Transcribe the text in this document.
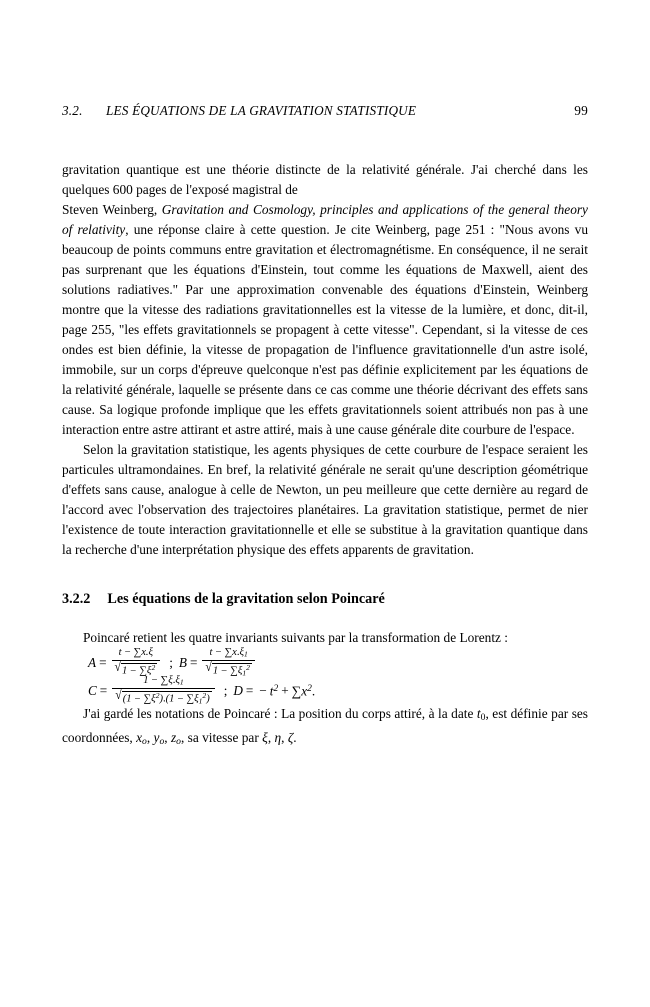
3.2.	LES ÉQUATIONS DE LA GRAVITATION STATISTIQUE	99

gravitation quantique est une théorie distincte de la relativité générale. J'ai cherché dans les quelques 600 pages de l'exposé magistral de
Steven Weinberg, Gravitation and Cosmology, principles and applications of the general theory of relativity, une réponse claire à cette question. Je cite Weinberg, page 251 : "Nous avons vu beaucoup de points communs entre gravitation et électromagnétisme. En conséquence, il ne serait pas surprenant que les équations d'Einstein, tout comme les équations de Maxwell, aient des solutions radiatives." Par une approximation convenable des équations d'Einstein, Weinberg montre que la vitesse des radiations gravitationnelles est la vitesse de la lumière, et donc, dit-il, page 255, "les effets gravitationnels se propagent à cette vitesse". Cependant, si la vitesse de ces ondes est bien définie, la vitesse de propagation de l'influence gravitationnelle d'un astre isolé, immobile, sur un corps d'épreuve quelconque n'est pas définie explicitement par les équations de la relativité générale, laquelle se présente dans ce cas comme une théorie décrivant des effets sans cause. Sa logique profonde implique que les effets gravitationnels soient attribués non pas à une interaction entre astre attirant et astre attiré, mais à une cause générale dite courbure de l'espace.

Selon la gravitation statistique, les agents physiques de cette courbure de l'espace seraient les particules ultramondaines. En bref, la relativité générale ne serait qu'une description géométrique d'effets sans cause, analogue à celle de Newton, un peu meilleure que cette dernière au regard de l'accord avec l'observation des trajectoires planétaires. La gravitation statistique, permet de nier l'existence de toute interaction gravitationnelle et elle se substitue à la gravitation quantique dans la recherche d'une interprétation physique des effets apparents de gravitation.

3.2.2 Les équations de la gravitation selon Poincaré

Poincaré retient les quatre invariants suivants par la transformation de Lorentz :

$A = \frac{t - \sum x.\xi}{√ 1 - \sum\xi^2}$ ; $B = \frac{t - \sum x.\xi_1}{√ 1 - \sum\xi_1^2}$
$C = \frac{1 - \sum\xi.\xi_1}{√ (1 - \sum\xi^2).(1 - \sum\xi_1^2)}$ ; D = − $t^2 + \sum x^2$.

J'ai gardé les notations de Poincaré : La position du corps attiré, à la date $t_0$, est définie par ses coordonnées, $x_o$, $y_o$, $z_o$, sa vitesse par ξ, η, ζ.
